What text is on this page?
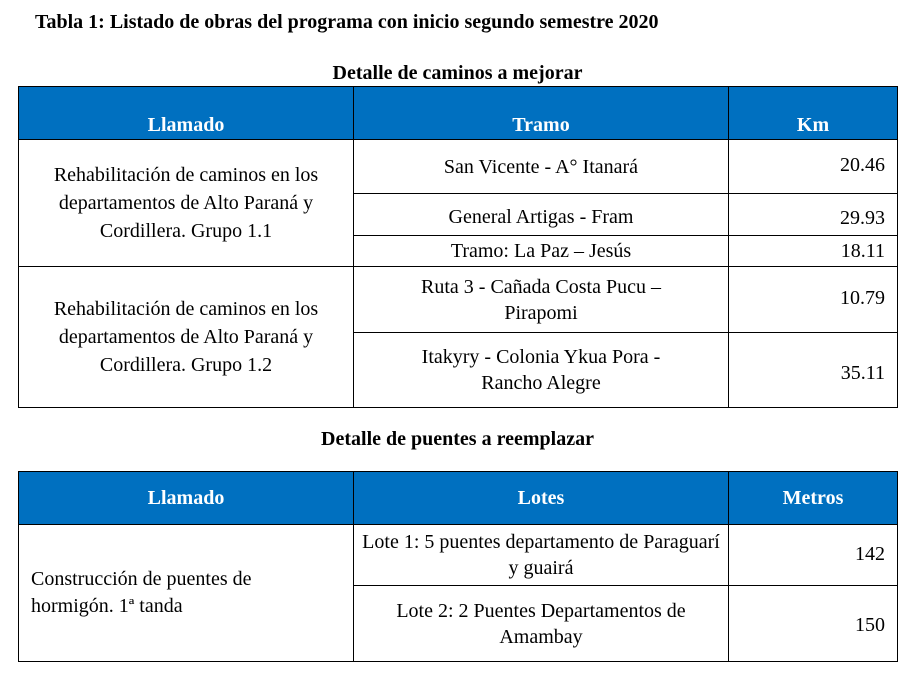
Tabla 1: Listado de obras del programa con inicio segundo semestre 2020
Detalle de caminos a mejorar
Llamado	Tramo	Km

Rehabilitación de caminos en los departamentos de Alto Paraná y Cordillera. Grupo 1.1	San Vicente - A° Itanará	20.46
	General Artigas - Fram	29.93
	Tramo: La Paz – Jesús	18.11

Rehabilitación de caminos en los departamentos de Alto Paraná y Cordillera. Grupo 1.2	Ruta 3 - Cañada Costa Pucu – Pirapomi	10.79

	Itakyry - Colonia Ykua Pora - Rancho Alegre	35.11
Detalle de puentes a reemplazar
Llamado	Lotes	Metros

Construcción de puentes de hormigón. 1ª tanda	Lote 1: 5 puentes departamento de Paraguarí y guairá	142

	Lote 2: 2 Puentes Departamentos de Amambay	150
